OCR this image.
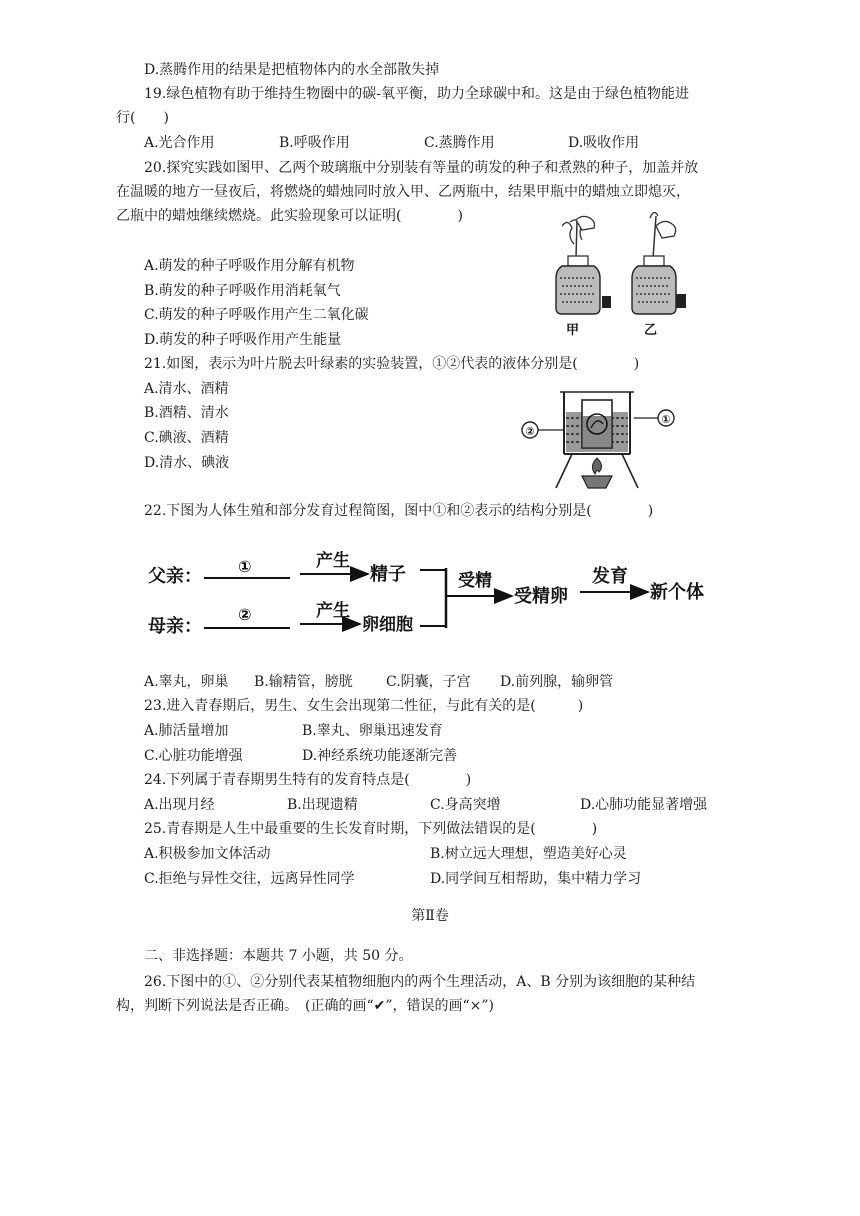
D.蒸腾作用的结果是把植物体内的水全部散失掉
19.绿色植物有助于维持生物圈中的碳-氧平衡，助力全球碳中和。这是由于绿色植物能进
行(　　)
A.光合作用	B.呼吸作用	C.蒸腾作用	D.吸收作用
20.探究实践如图甲、乙两个玻璃瓶中分别装有等量的萌发的种子和煮熟的种子，加盖并放
在温暖的地方一昼夜后，将燃烧的蜡烛同时放入甲、乙两瓶中，结果甲瓶中的蜡烛立即熄灭，
乙瓶中的蜡烛继续燃烧。此实验现象可以证明(　　　　)
A.萌发的种子呼吸作用分解有机物
B.萌发的种子呼吸作用消耗氧气
C.萌发的种子呼吸作用产生二氧化碳
D.萌发的种子呼吸作用产生能量
甲	乙
21.如图，表示为叶片脱去叶绿素的实验装置，①②代表的液体分别是(　　　　)
A.清水、酒精
B.酒精、清水
C.碘液、酒精
D.清水、碘液
①
②
22.下图为人体生殖和部分发育过程简图，图中①和②表示的结构分别是(　　　　)
父亲： ①
母亲：
②
产生
精子
产生
卵细胞
受精
受精卵
发育
新个体
A.睾丸，卵巢 B.输精管，膀胱 C.阴囊，子宫 D.前列腺，输卵管
23.进入青春期后，男生、女生会出现第二性征，与此有关的是(　　　)
A.肺活量增加	B.睾丸、卵巢迅速发育
C.心脏功能增强	D.神经系统功能逐渐完善
24.下列属于青春期男生特有的发育特点是(　　　　)
A.出现月经	B.出现遗精	C.身高突增	D.心肺功能显著增强
25.青春期是人生中最重要的生长发育时期，下列做法错误的是(　　　　)
A.积极参加文体活动	B.树立远大理想，塑造美好心灵
C.拒绝与异性交往，远离异性同学	D.同学间互相帮助，集中精力学习
第Ⅱ卷
二、非选择题：本题共 7 小题，共 50 分。
26.下图中的①、②分别代表某植物细胞内的两个生理活动，A、B 分别为该细胞的某种结
构，判断下列说法是否正确。　(正确的画“✔”，错误的画“×”)
